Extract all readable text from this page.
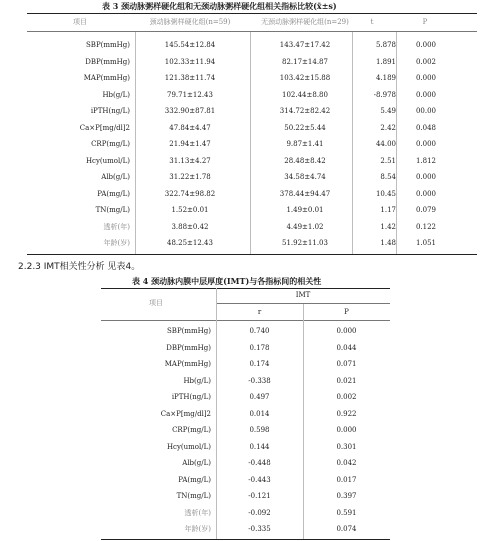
表 3 颈动脉粥样硬化组和无颈动脉粥样硬化组相关指标比较(x̄±s)
项目	颈动脉粥样硬化组(n=59)	无颈动脉粥样硬化组(n=29)	t	P
SBP(mmHg)	145.54±12.84	143.47±17.42	5.878	0.000
DBP(mmHg)	102.33±11.94	82.17±14.87	1.891	0.002
MAP(mmHg)	121.38±11.74	103.42±15.88	4.189	0.000
Hb(g/L)	79.71±12.43	102.44±8.80	-8.978	0.000
iPTH(ng/L)	332.90±87.81	314.72±82.42	5.49	00.00
Ca×P[mg/dl]2	47.84±4.47	50.22±5.44	2.42	0.048
CRP(mg/L)	21.94±1.47	9.87±1.41	44.00	0.000
Hcy(umol/L)	31.13±4.27	28.48±8.42	2.51	1.812
Alb(g/L)	31.22±1.78	34.58±4.74	8.54	0.000
PA(mg/L)	322.74±98.82	378.44±94.47	10.45	0.000
TN(mg/L)	1.52±0.01	1.49±0.01	1.17	0.079
透析(年)	3.88±0.42	4.49±1.02	1.42	0.122
年龄(岁)	48.25±12.43	51.92±11.03	1.48	1.051
2.2.3 IMT相关性分析 见表4。
表 4 颈动脉内膜中层厚度(IMT)与各指标间的相关性
项目
IMT
r	P
SBP(mmHg)	0.740	0.000
DBP(mmHg)	0.178	0.044
MAP(mmHg)	0.174	0.071
Hb(g/L)	-0.338	0.021
iPTH(ng/L)	0.497	0.002
Ca×P[mg/dl]2	0.014	0.922
CRP(mg/L)	0.598	0.000
Hcy(umol/L)	0.144	0.301
Alb(g/L)	-0.448	0.042
PA(mg/L)	-0.443	0.017
TN(mg/L)	-0.121	0.397
透析(年)	-0.092	0.591
年龄(岁)	-0.335	0.074
